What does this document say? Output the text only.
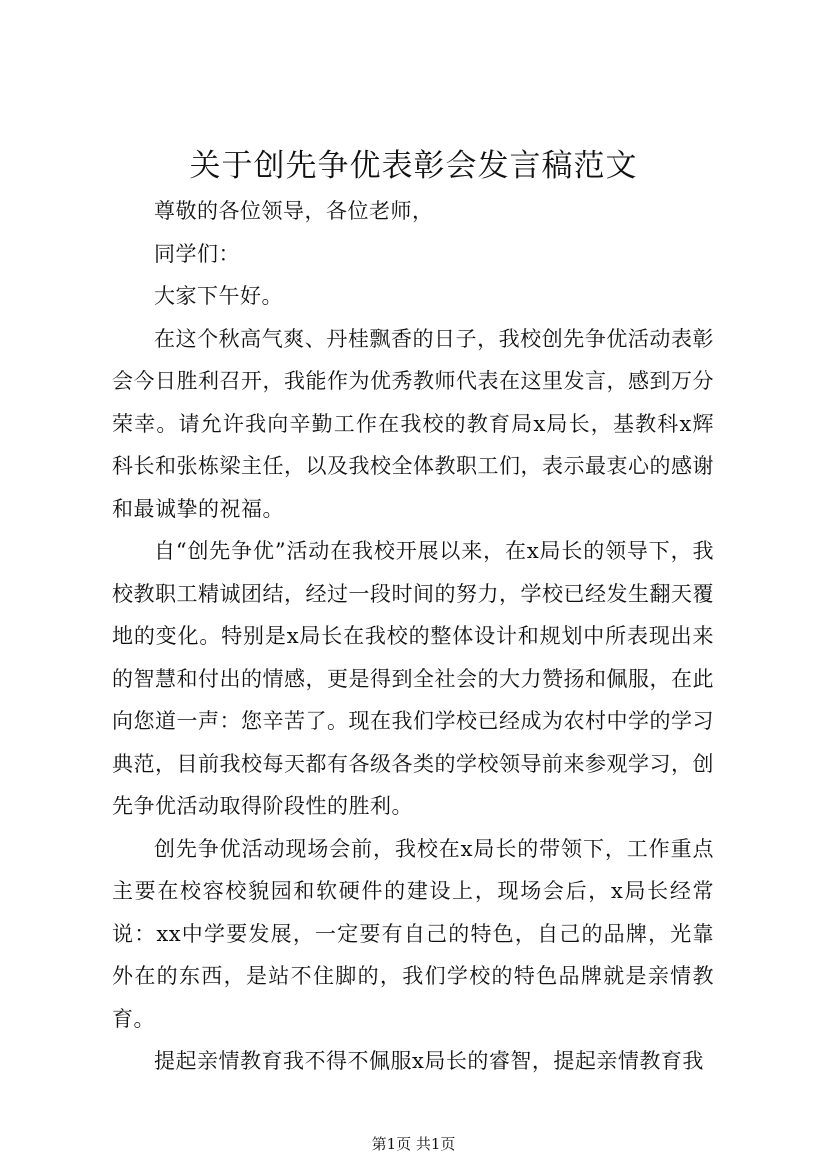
关于创先争优表彰会发言稿范文

尊敬的各位领导，各位老师，

同学们：

大家下午好。

在这个秋高气爽、丹桂飘香的日子，我校创先争优活动表彰会今日胜利召开，我能作为优秀教师代表在这里发言，感到万分荣幸。请允许我向辛勤工作在我校的教育局x局长，基教科x辉科长和张栋梁主任，以及我校全体教职工们，表示最衷心的感谢和最诚挚的祝福。

自“创先争优”活动在我校开展以来，在x局长的领导下，我校教职工精诚团结，经过一段时间的努力，学校已经发生翻天覆地的变化。特别是x局长在我校的整体设计和规划中所表现出来的智慧和付出的情感，更是得到全社会的大力赞扬和佩服，在此向您道一声：您辛苦了。现在我们学校已经成为农村中学的学习典范，目前我校每天都有各级各类的学校领导前来参观学习，创先争优活动取得阶段性的胜利。

创先争优活动现场会前，我校在x局长的带领下，工作重点主要在校容校貌园和软硬件的建设上，现场会后，x局长经常说：xx中学要发展，一定要有自己的特色，自己的品牌，光靠外在的东西，是站不住脚的，我们学校的特色品牌就是亲情教育。

提起亲情教育我不得不佩服x局长的睿智，提起亲情教育我

第1页 共1页
